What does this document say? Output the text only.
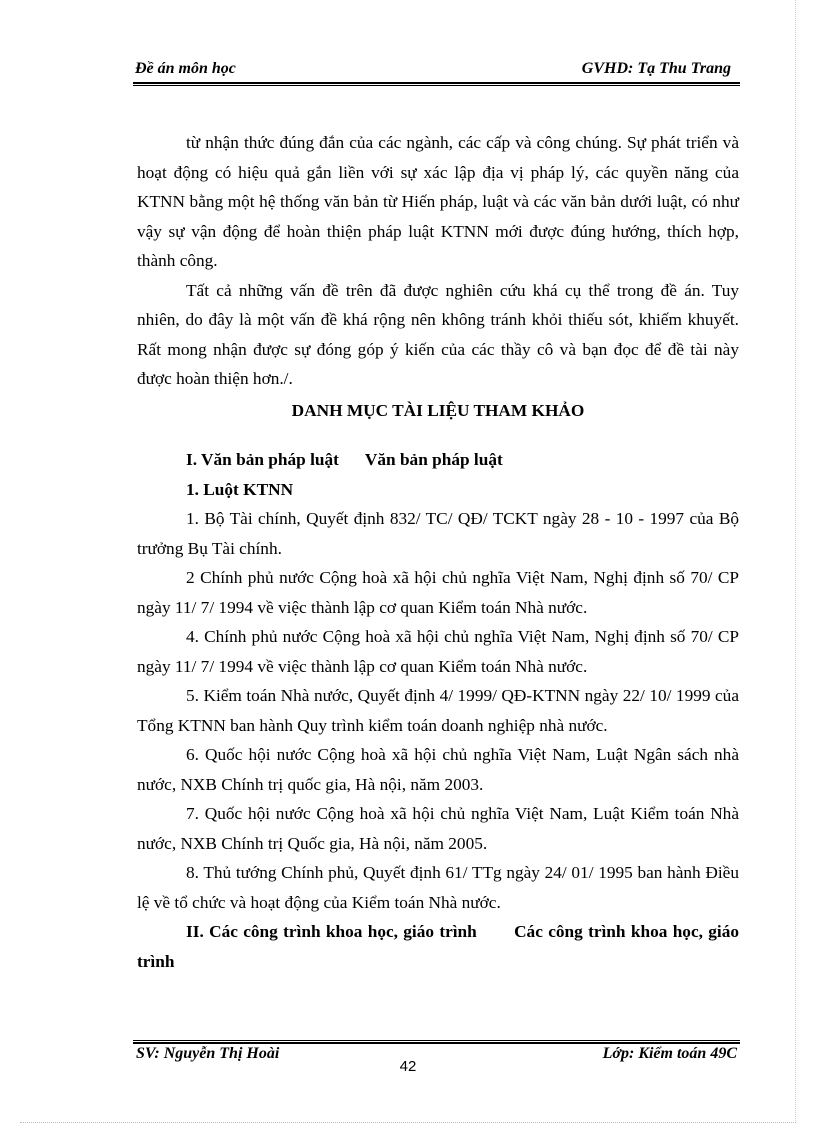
Đề án môn học	GVHD: Tạ Thu Trang

từ nhận thức đúng đắn của các ngành, các cấp và công chúng. Sự phát triển và hoạt động có hiệu quả gắn liền với sự xác lập địa vị pháp lý, các quyền năng của KTNN bằng một hệ thống văn bản từ Hiến pháp, luật và các văn bản dưới luật, có như vậy sự vận động để hoàn thiện pháp luật KTNN mới được đúng hướng, thích hợp, thành công.

Tất cả những vấn đề trên đã được nghiên cứu khá cụ thể trong đề án. Tuy nhiên, do đây là một vấn đề khá rộng nên không tránh khỏi thiếu sót, khiếm khuyết. Rất mong nhận được sự đóng góp ý kiến của các thầy cô và bạn đọc để đề tài này được hoàn thiện hơn./.

DANH MỤC TÀI LIỆU THAM KHẢO

I. Văn bản pháp luật Văn bản pháp luật

1. Luột KTNN

1. Bộ Tài chính, Quyết định 832/ TC/ QĐ/ TCKT ngày 28 - 10 - 1997 của Bộ trưởng Bụ Tài chính.

2 Chính phủ nước Cộng hoà xã hội chủ nghĩa Việt Nam, Nghị định số 70/ CP ngày 11/ 7/ 1994 về việc thành lập cơ quan Kiểm toán Nhà nước.

4. Chính phủ nước Cộng hoà xã hội chủ nghĩa Việt Nam, Nghị định số 70/ CP ngày 11/ 7/ 1994 về việc thành lập cơ quan Kiểm toán Nhà nước.

5. Kiểm toán Nhà nước, Quyết định 4/ 1999/ QĐ-KTNN ngày 22/ 10/ 1999 của Tổng KTNN ban hành Quy trình kiểm toán doanh nghiệp nhà nước.

6. Quốc hội nước Cộng hoà xã hội chủ nghĩa Việt Nam, Luật Ngân sách nhà nước, NXB Chính trị quốc gia, Hà nội, năm 2003.

7. Quốc hội nước Cộng hoà xã hội chủ nghĩa Việt Nam, Luật Kiểm toán Nhà nước, NXB Chính trị Quốc gia, Hà nội, năm 2005.

8. Thủ tướng Chính phủ, Quyết định 61/ TTg ngày 24/ 01/ 1995 ban hành Điều lệ về tổ chức và hoạt động của Kiểm toán Nhà nước.

II. Các công trình khoa học, giáo trình       Các công trình khoa học, giáo trình

SV: Nguyễn Thị Hoài	Lớp: Kiểm toán 49C
42
